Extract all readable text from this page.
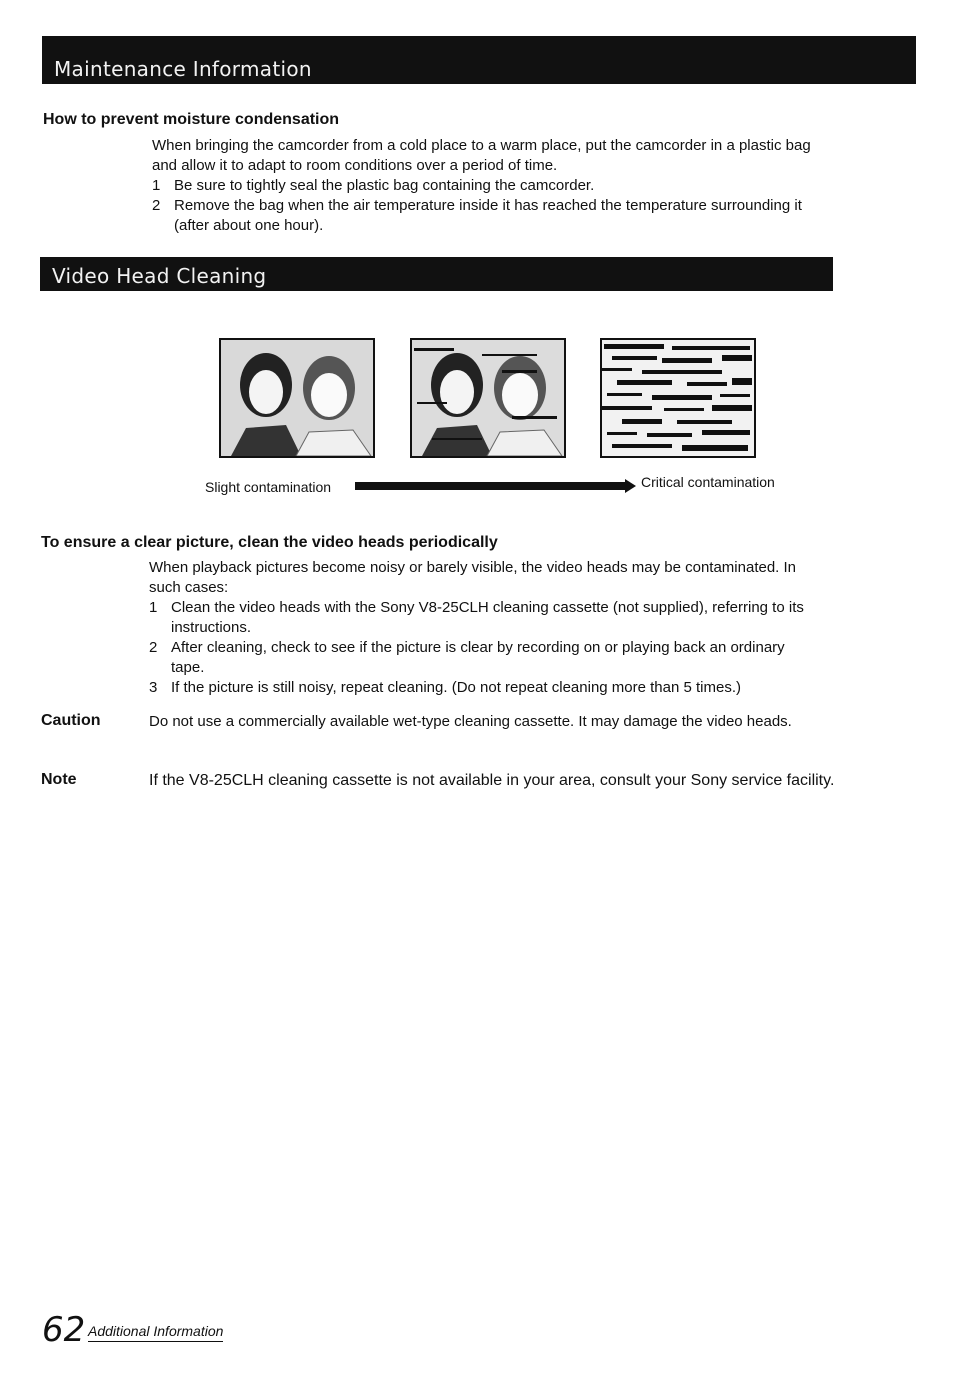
Maintenance Information
How to prevent moisture condensation
When bringing the camcorder from a cold place to a warm place, put the camcorder in a plastic bag and allow it to adapt to room conditions over a period of time.
1 Be sure to tightly seal the plastic bag containing the camcorder.
2 Remove the bag when the air temperature inside it has reached the temperature surrounding it (after about one hour).
Video Head Cleaning
Slight contamination	Critical contamination
To ensure a clear picture, clean the video heads periodically
When playback pictures become noisy or barely visible, the video heads may be contaminated. In such cases:
1 Clean the video heads with the Sony V8-25CLH cleaning cassette (not supplied), referring to its instructions.
2 After cleaning, check to see if the picture is clear by recording on or playing back an ordinary tape.
3 If the picture is still noisy, repeat cleaning. (Do not repeat cleaning more than 5 times.)
Caution	Do not use a commercially available wet-type cleaning cassette. It may damage the video heads.
Note	If the V8-25CLH cleaning cassette is not available in your area, consult your Sony service facility.
62 Additional Information
